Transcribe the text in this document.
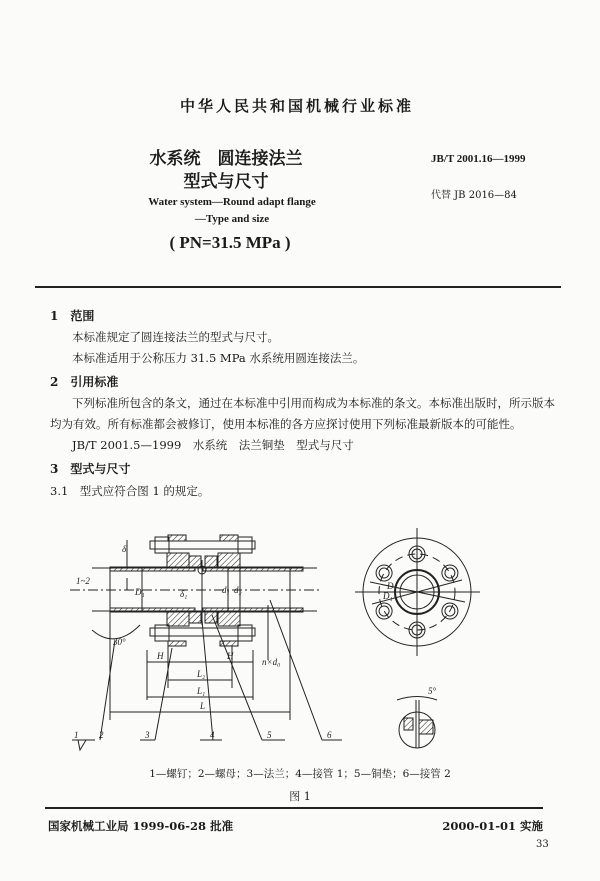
中华人民共和国机械行业标准
水系统　圆连接法兰
型式与尺寸
Water system—Round adapt flange
—Type and size
( PN=31.5 MPa )
JB/T 2001.16—1999
代替 JB 2016—84
1　范围
本标准规定了圆连接法兰的型式与尺寸。
本标准适用于公称压力 31.5 MPa 水系统用圆连接法兰。
2　引用标准
下列标准所包含的条文，通过在本标准中引用而构成为本标准的条文。本标准出版时，所示版本
均为有效。所有标准都会被修订，使用本标准的各方应探讨使用下列标准最新版本的可能性。
JB/T 2001.5—1999　水系统　法兰铜垫　型式与尺寸
3　型式与尺寸
3.1　型式应符合图 1 的规定。
δ
1~2
D₁	δ₁	d₁ d₂
30°
H	H
n×d₀
L₂
L₁
L
1 2	3	4	5	6
D
D₁
5°
1—螺钉；2—螺母；3—法兰；4—接管 1；5—铜垫；6—接管 2
图 1
国家机械工业局 1999-06-28 批准	2000-01-01 实施
33
